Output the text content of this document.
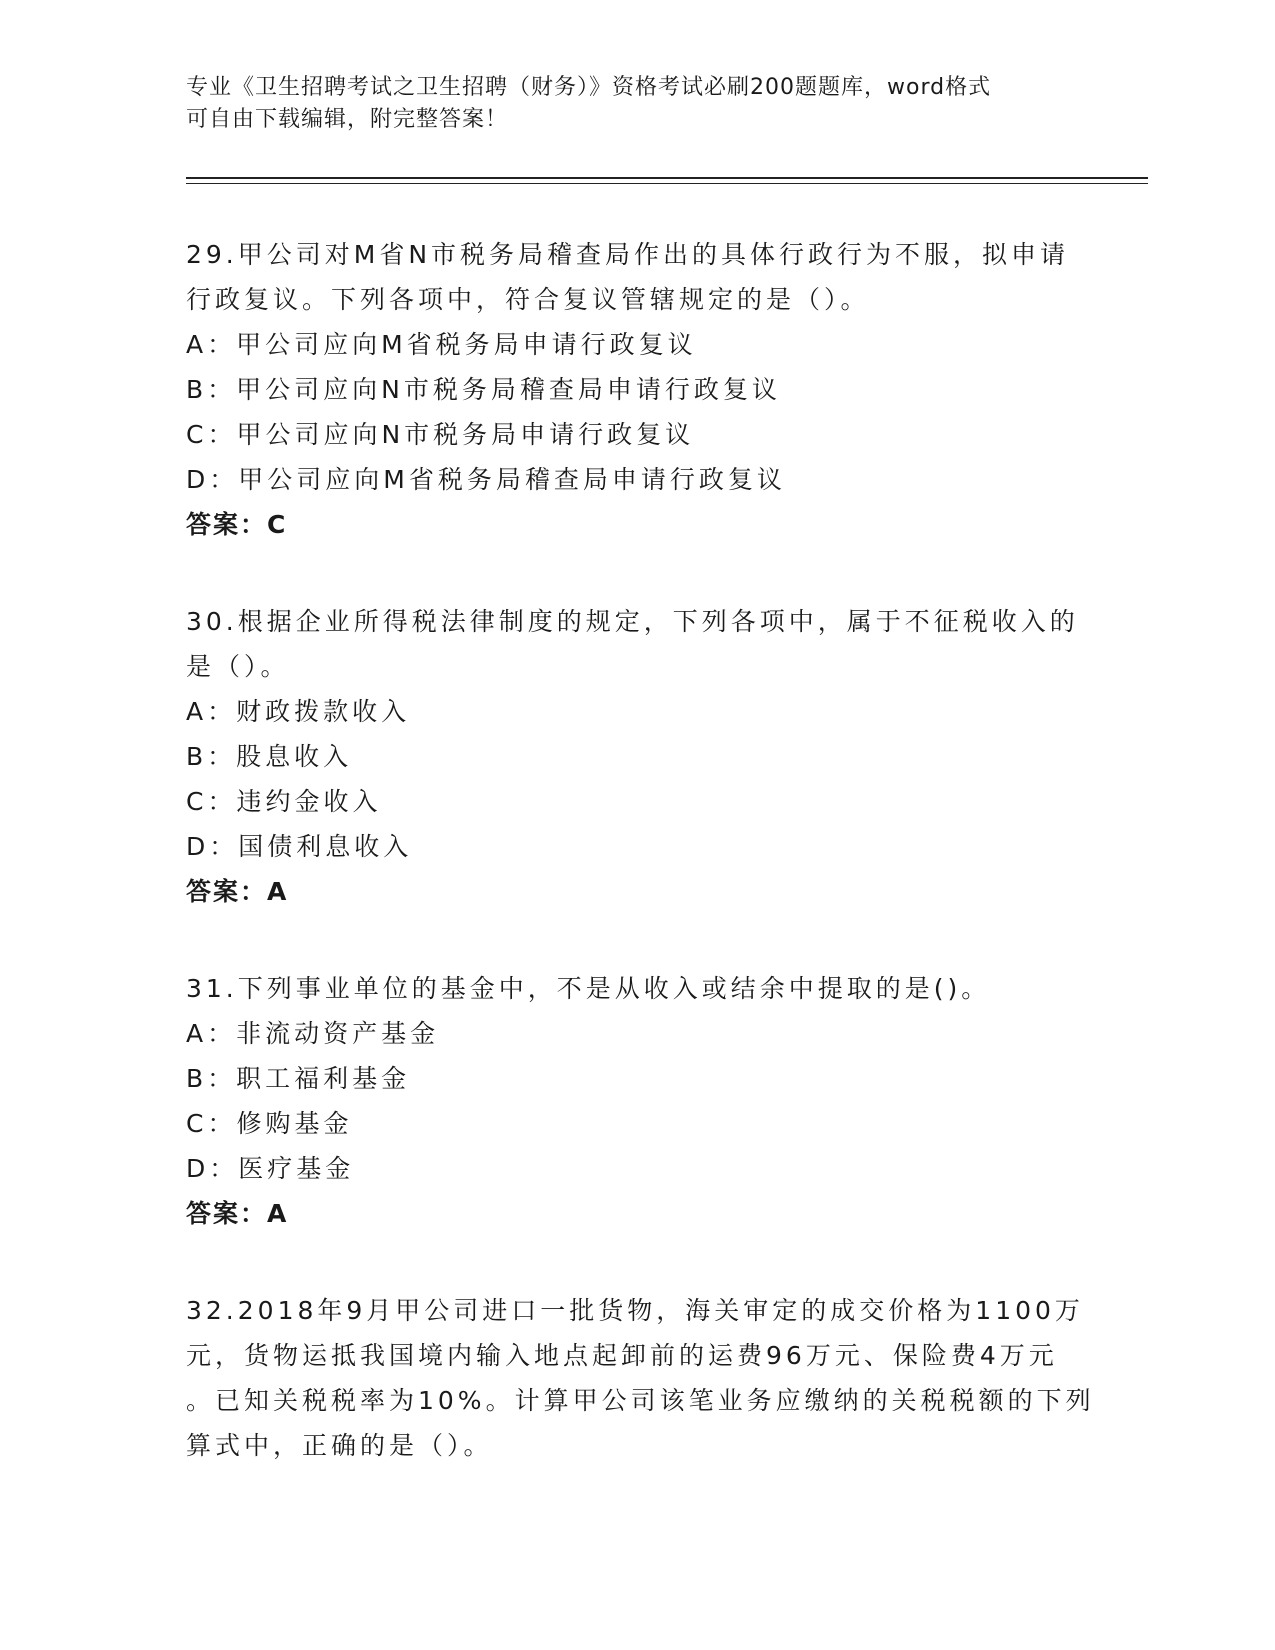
专业《卫生招聘考试之卫生招聘（财务）》资格考试必刷200题题库，word格式
可自由下载编辑，附完整答案！
29.甲公司对M省N市税务局稽查局作出的具体行政行为不服，拟申请
行政复议。下列各项中，符合复议管辖规定的是（）。
A：甲公司应向M省税务局申请行政复议
B：甲公司应向N市税务局稽查局申请行政复议
C：甲公司应向N市税务局申请行政复议
D：甲公司应向M省税务局稽查局申请行政复议
答案：C
30.根据企业所得税法律制度的规定，下列各项中，属于不征税收入的
是（）。
A：财政拨款收入
B：股息收入
C：违约金收入
D：国债利息收入
答案：A
31.下列事业单位的基金中，不是从收入或结余中提取的是()。
A：非流动资产基金
B：职工福利基金
C：修购基金
D：医疗基金
答案：A
32.2018年9月甲公司进口一批货物，海关审定的成交价格为1100万
元，货物运抵我国境内输入地点起卸前的运费96万元、保险费4万元
。已知关税税率为10%。计算甲公司该笔业务应缴纳的关税税额的下列
算式中，正确的是（）。
